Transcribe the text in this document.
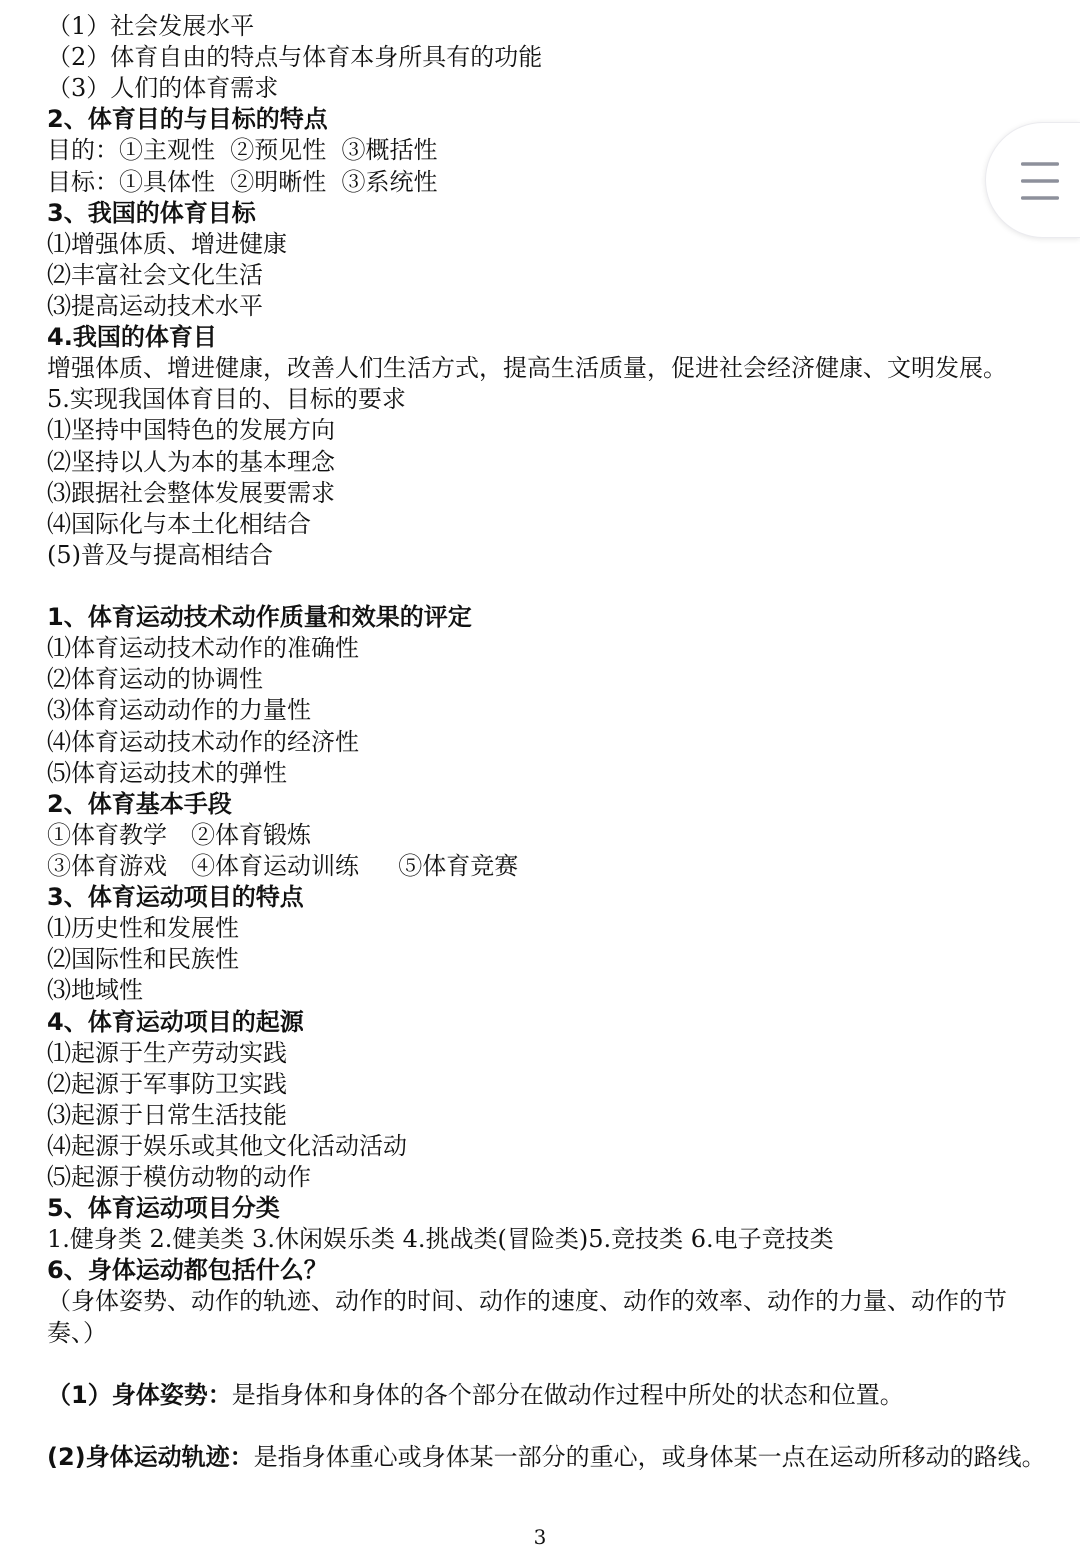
（1）社会发展水平
（2）体育自由的特点与体育本身所具有的功能
（3）人们的体育需求
2、体育目的与目标的特点
目的：①主观性  ②预见性  ③概括性
目标：①具体性  ②明晰性  ③系统性
3、我国的体育目标
⑴增强体质、增进健康
⑵丰富社会文化生活
⑶提高运动技术水平
4.我国的体育目
增强体质、增进健康，改善人们生活方式，提高生活质量，促进社会经济健康、文明发展。
5.实现我国体育目的、目标的要求
⑴坚持中国特色的发展方向
⑵坚持以人为本的基本理念
⑶跟据社会整体发展要需求
⑷国际化与本土化相结合
(5)普及与提高相结合
1、体育运动技术动作质量和效果的评定
⑴体育运动技术动作的准确性
⑵体育运动的协调性
⑶体育运动动作的力量性
⑷体育运动技术动作的经济性
⑸体育运动技术的弹性
2、体育基本手段
①体育教学　②体育锻炼
③体育游戏　④体育运动训练　  ⑤体育竞赛
3、体育运动项目的特点
⑴历史性和发展性
⑵国际性和民族性
⑶地域性
4、体育运动项目的起源
⑴起源于生产劳动实践
⑵起源于军事防卫实践
⑶起源于日常生活技能
⑷起源于娱乐或其他文化活动活动
⑸起源于模仿动物的动作
5、体育运动项目分类
1.健身类 2.健美类 3.休闲娱乐类 4.挑战类(冒险类)5.竞技类 6.电子竞技类
6、身体运动都包括什么？
（身体姿势、动作的轨迹、动作的时间、动作的速度、动作的效率、动作的力量、动作的节
奏、）
（1）身体姿势：是指身体和身体的各个部分在做动作过程中所处的状态和位置。
(2)身体运动轨迹：是指身体重心或身体某一部分的重心，或身体某一点在运动所移动的路线。
3
